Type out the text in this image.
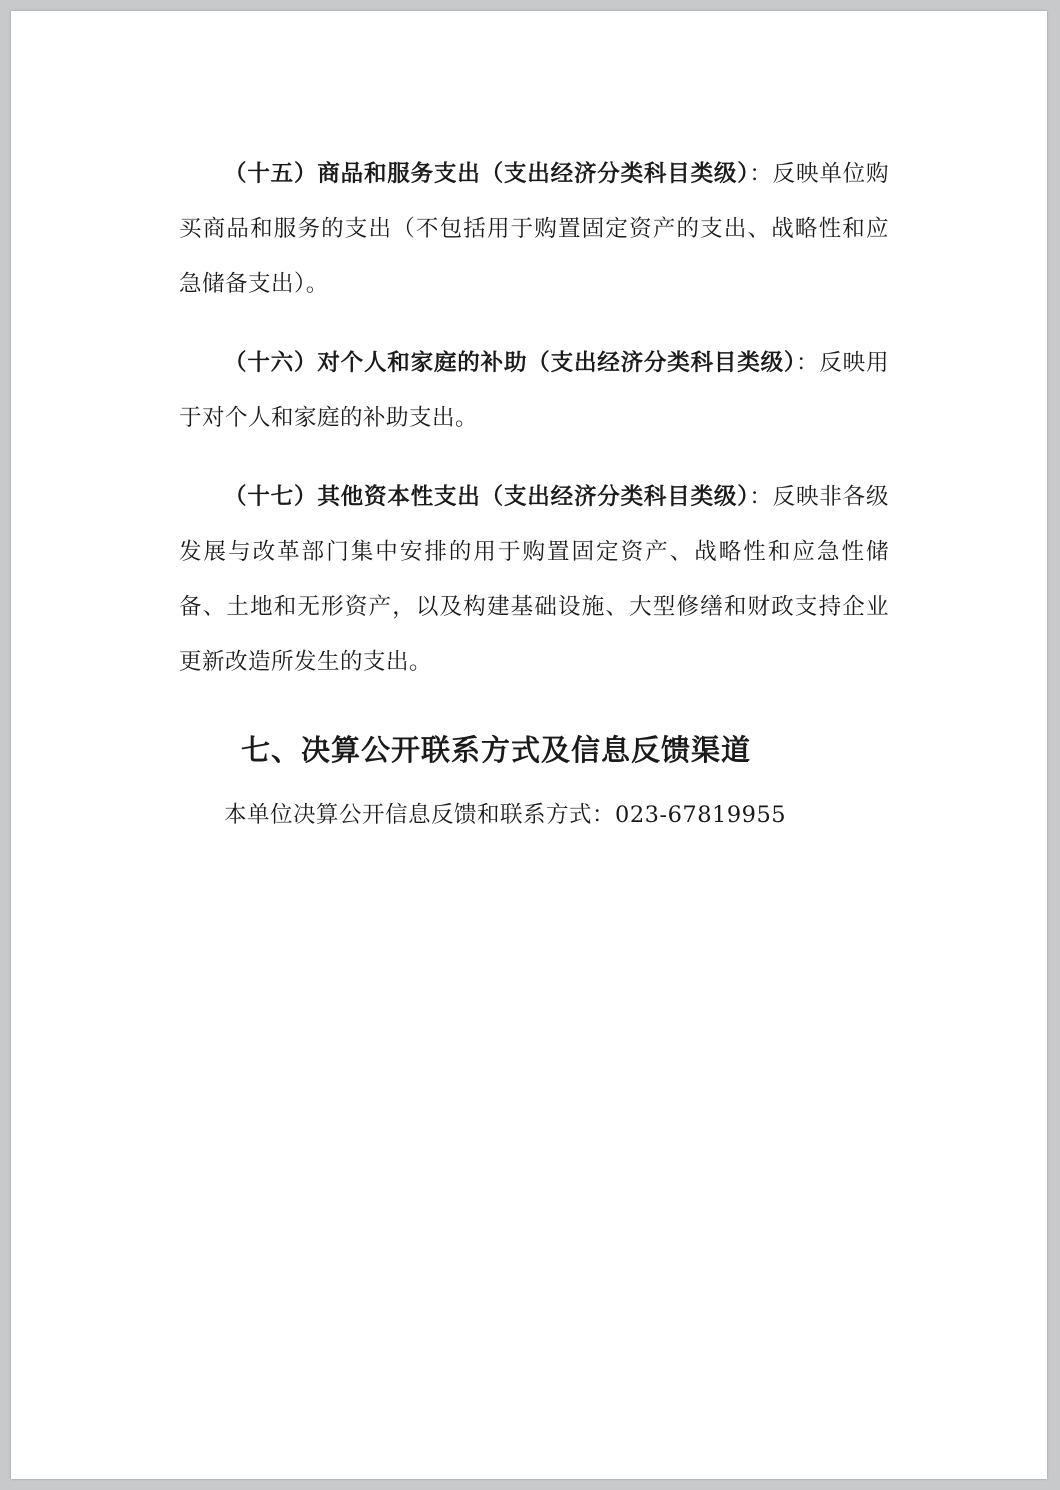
（十五）商品和服务支出（支出经济分类科目类级）：反映单位购买商品和服务的支出（不包括用于购置固定资产的支出、战略性和应急储备支出）。

（十六）对个人和家庭的补助（支出经济分类科目类级）：反映用于对个人和家庭的补助支出。

（十七）其他资本性支出（支出经济分类科目类级）：反映非各级发展与改革部门集中安排的用于购置固定资产、战略性和应急性储备、土地和无形资产，以及构建基础设施、大型修缮和财政支持企业更新改造所发生的支出。

七、决算公开联系方式及信息反馈渠道

本单位决算公开信息反馈和联系方式：023-67819955
